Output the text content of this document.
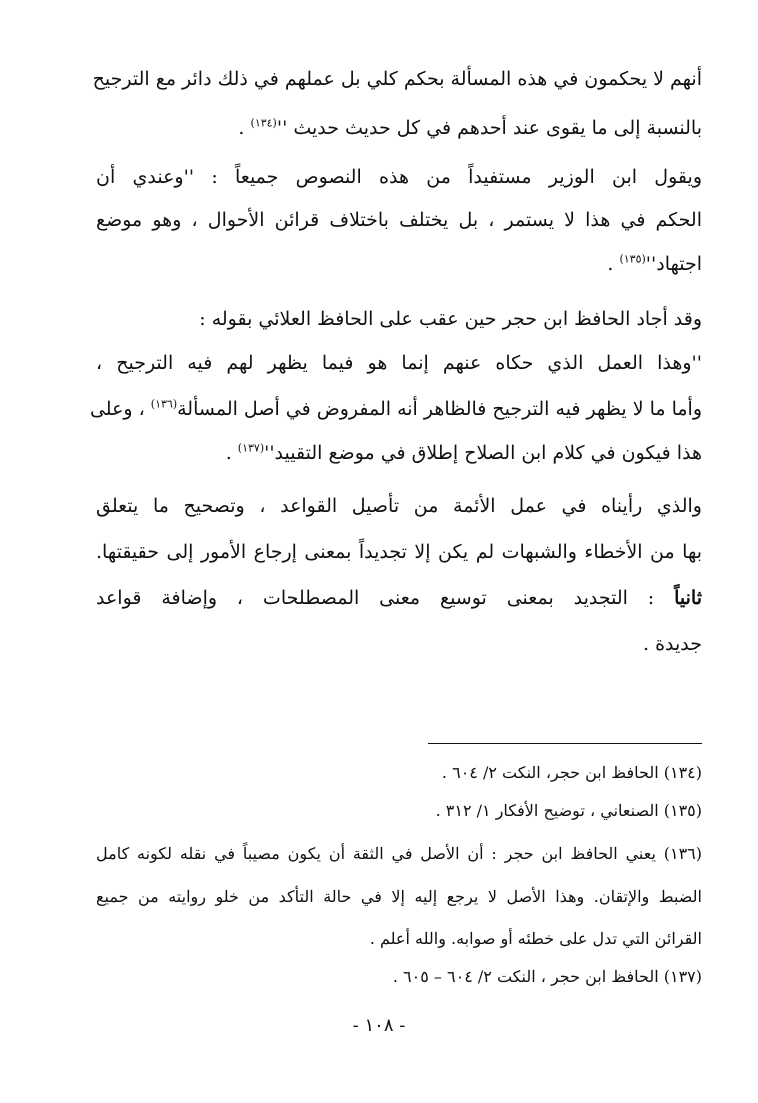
أنهم لا يحكمون في هذه المسألة بحكم كلي بل عملهم في ذلك دائر مع الترجيح
بالنسبة إلى ما يقوى عند أحدهم في كل حديث حديث ''$^{(١٣٤)}$ .
ويقول ابن الوزير مستفيداً من هذه النصوص جميعاً : ''وعندي أن
الحكم في هذا لا يستمر ، بل يختلف باختلاف قرائن الأحوال ، وهو موضع
$اجتهاد''^{(١٣٥)}$ .
وقد أجاد الحافظ ابن حجر حين عقب على الحافظ العلائي بقوله :
''وهذا العمل الذي حكاه عنهم إنما هو فيما يظهر لهم فيه الترجيح ،
وأما ما لا يظهر فيه الترجيح فالظاهر أنه المفروض في أصل المسألة$^{(١٣٦)}$ ، وعلى
هذا فيكون في كلام ابن الصلاح إطلاق في موضع $التقييد''^{(١٣٧)}$ .
والذي رأيناه في عمل الأئمة من تأصيل القواعد ، وتصحيح ما يتعلق
بها من الأخطاء والشبهات لم يكن إلا تجديداً بمعنى إرجاع الأمور إلى حقيقتها.
ثانياً : التجديد بمعنى توسيع معنى المصطلحات ، وإضافة قواعد
جديدة .
(١٣٤) الحافظ ابن حجر، النكت ٢/ ٦٠٤ .
(١٣٥) الصنعاني ، توضيح الأفكار ١/ ٣١٢ .
(١٣٦) يعني الحافظ ابن حجر : أن الأصل في الثقة أن يكون مصيباً في نقله لكونه كامل
الضبط والإتقان. وهذا الأصل لا يرجع إليه إلا في حالة التأكد من خلو روايته من جميع
القرائن التي تدل على خطئه أو صوابه. والله أعلم .
(١٣٧) الحافظ ابن حجر ، النكت ٢/ ٦٠٤ – ٦٠٥ .
- ١٠٨ -
